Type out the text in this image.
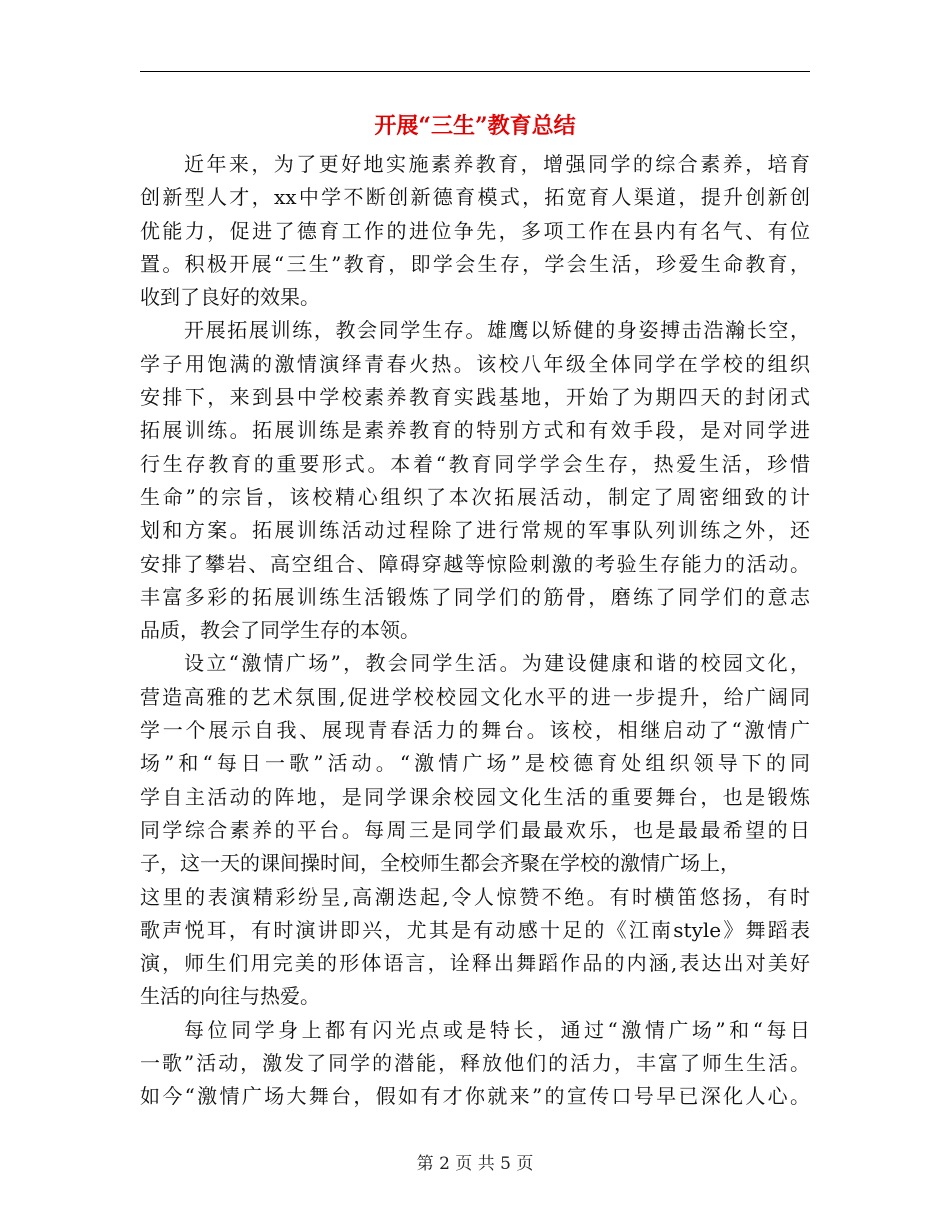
开展“三生”教育总结
近年来，为了更好地实施素养教育，增强同学的综合素养，培育
创新型人才，xx中学不断创新德育模式，拓宽育人渠道，提升创新创
优能力，促进了德育工作的进位争先，多项工作在县内有名气、有位
置。积极开展“三生”教育，即学会生存，学会生活，珍爱生命教育，
收到了良好的效果。
开展拓展训练，教会同学生存。雄鹰以矫健的身姿搏击浩瀚长空，
学子用饱满的激情演绎青春火热。该校八年级全体同学在学校的组织
安排下，来到县中学校素养教育实践基地，开始了为期四天的封闭式
拓展训练。拓展训练是素养教育的特别方式和有效手段，是对同学进
行生存教育的重要形式。本着“教育同学学会生存，热爱生活，珍惜
生命”的宗旨，该校精心组织了本次拓展活动，制定了周密细致的计
划和方案。拓展训练活动过程除了进行常规的军事队列训练之外，还
安排了攀岩、高空组合、障碍穿越等惊险刺激的考验生存能力的活动。
丰富多彩的拓展训练生活锻炼了同学们的筋骨，磨练了同学们的意志
品质，教会了同学生存的本领。
设立“激情广场”，教会同学生活。为建设健康和谐的校园文化，
营造高雅的艺术氛围,促进学校校园文化水平的进一步提升，给广阔同
学一个展示自我、展现青春活力的舞台。该校，相继启动了“激情广
场”和“每日一歌”活动。“激情广场”是校德育处组织领导下的同
学自主活动的阵地，是同学课余校园文化生活的重要舞台，也是锻炼
同学综合素养的平台。每周三是同学们最最欢乐，也是最最希望的日
子，这一天的课间操时间，全校师生都会齐聚在学校的激情广场上，
这里的表演精彩纷呈,高潮迭起,令人惊赞不绝。有时横笛悠扬，有时
歌声悦耳，有时演讲即兴，尤其是有动感十足的《江南style》舞蹈表
演，师生们用完美的形体语言，诠释出舞蹈作品的内涵,表达出对美好
生活的向往与热爱。
每位同学身上都有闪光点或是特长，通过“激情广场”和“每日
一歌”活动，激发了同学的潜能，释放他们的活力，丰富了师生生活。
如今“激情广场大舞台，假如有才你就来”的宣传口号早已深化人心。
第 2 页 共 5 页
